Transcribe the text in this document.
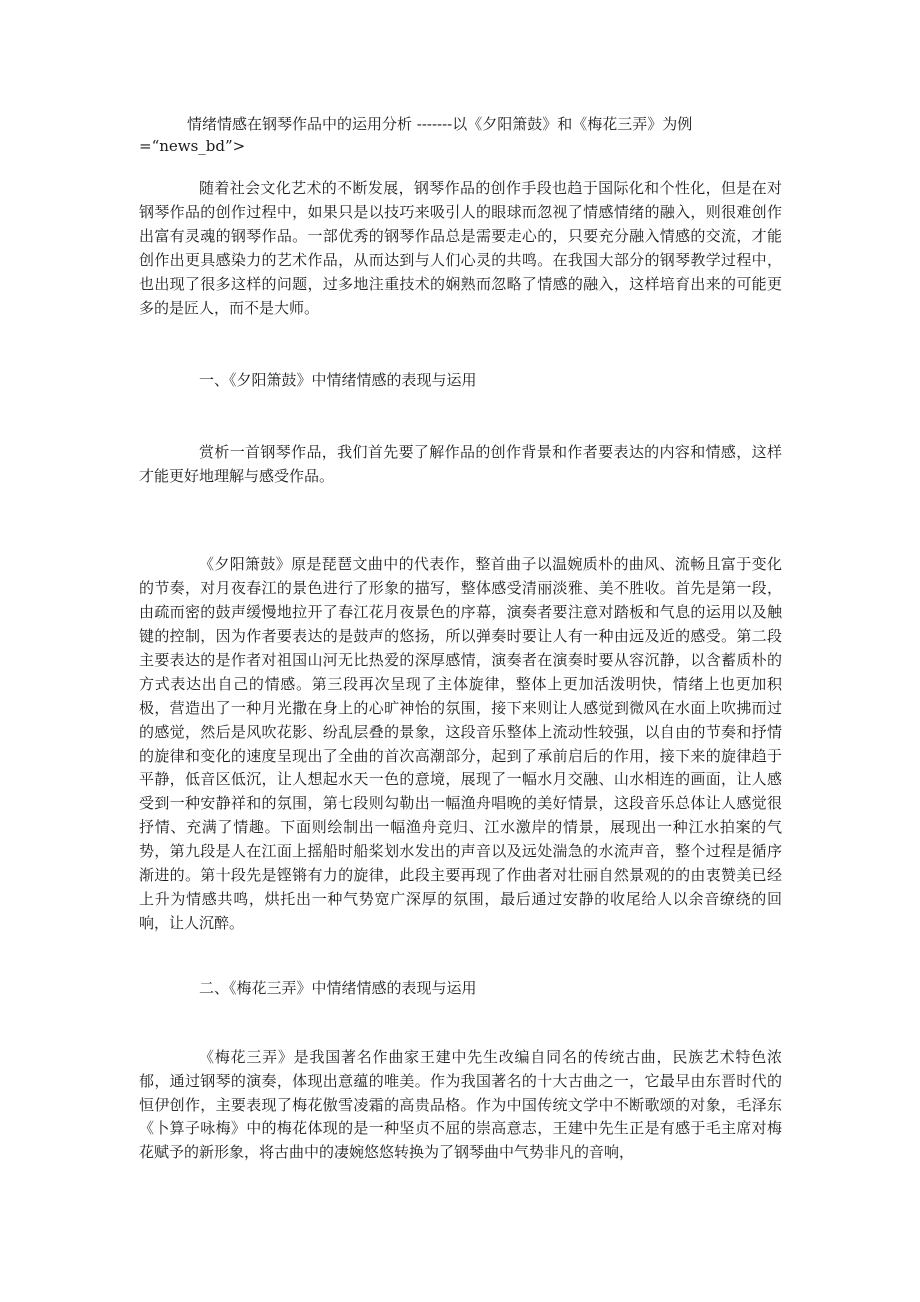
情绪情感在钢琴作品中的运用分析 -------以《夕阳箫鼓》和《梅花三弄》为例

=“news_bd”>

随着社会文化艺术的不断发展，钢琴作品的创作手段也趋于国际化和个性化，但是在对钢琴作品的创作过程中，如果只是以技巧来吸引人的眼球而忽视了情感情绪的融入，则很难创作出富有灵魂的钢琴作品。一部优秀的钢琴作品总是需要走心的，只要充分融入情感的交流，才能创作出更具感染力的艺术作品，从而达到与人们心灵的共鸣。在我国大部分的钢琴教学过程中，也出现了很多这样的问题，过多地注重技术的娴熟而忽略了情感的融入，这样培育出来的可能更多的是匠人，而不是大师。

一、《夕阳箫鼓》中情绪情感的表现与运用

赏析一首钢琴作品，我们首先要了解作品的创作背景和作者要表达的内容和情感，这样才能更好地理解与感受作品。

《夕阳箫鼓》原是琵琶文曲中的代表作，整首曲子以温婉质朴的曲风、流畅且富于变化的节奏，对月夜春江的景色进行了形象的描写，整体感受清丽淡雅、美不胜收。首先是第一段，由疏而密的鼓声缓慢地拉开了春江花月夜景色的序幕，演奏者要注意对踏板和气息的运用以及触键的控制，因为作者要表达的是鼓声的悠扬，所以弹奏时要让人有一种由远及近的感受。第二段主要表达的是作者对祖国山河无比热爱的深厚感情，演奏者在演奏时要从容沉静，以含蓄质朴的方式表达出自己的情感。第三段再次呈现了主体旋律，整体上更加活泼明快，情绪上也更加积极，营造出了一种月光撒在身上的心旷神怡的氛围，接下来则让人感觉到微风在水面上吹拂而过的感觉，然后是风吹花影、纷乱层叠的景象，这段音乐整体上流动性较强，以自由的节奏和抒情的旋律和变化的速度呈现出了全曲的首次高潮部分，起到了承前启后的作用，接下来的旋律趋于平静，低音区低沉，让人想起水天一色的意境，展现了一幅水月交融、山水相连的画面，让人感受到一种安静祥和的氛围，第七段则勾勒出一幅渔舟唱晚的美好情景，这段音乐总体让人感觉很抒情、充满了情趣。下面则绘制出一幅渔舟竞归、江水激岸的情景，展现出一种江水拍案的气势，第九段是人在江面上摇船时船桨划水发出的声音以及远处湍急的水流声音，整个过程是循序渐进的。第十段先是铿锵有力的旋律，此段主要再现了作曲者对壮丽自然景观的的由衷赞美已经上升为情感共鸣，烘托出一种气势宽广深厚的氛围，最后通过安静的收尾给人以余音缭绕的回响，让人沉醉。

二、《梅花三弄》中情绪情感的表现与运用

《梅花三弄》是我国著名作曲家王建中先生改编自同名的传统古曲，民族艺术特色浓郁，通过钢琴的演奏，体现出意蕴的唯美。作为我国著名的十大古曲之一，它最早由东晋时代的恒伊创作，主要表现了梅花傲雪凌霜的高贵品格。作为中国传统文学中不断歌颂的对象，毛泽东《卜算子咏梅》中的梅花体现的是一种坚贞不屈的崇高意志，王建中先生正是有感于毛主席对梅花赋予的新形象，将古曲中的凄婉悠悠转换为了钢琴曲中气势非凡的音响，
